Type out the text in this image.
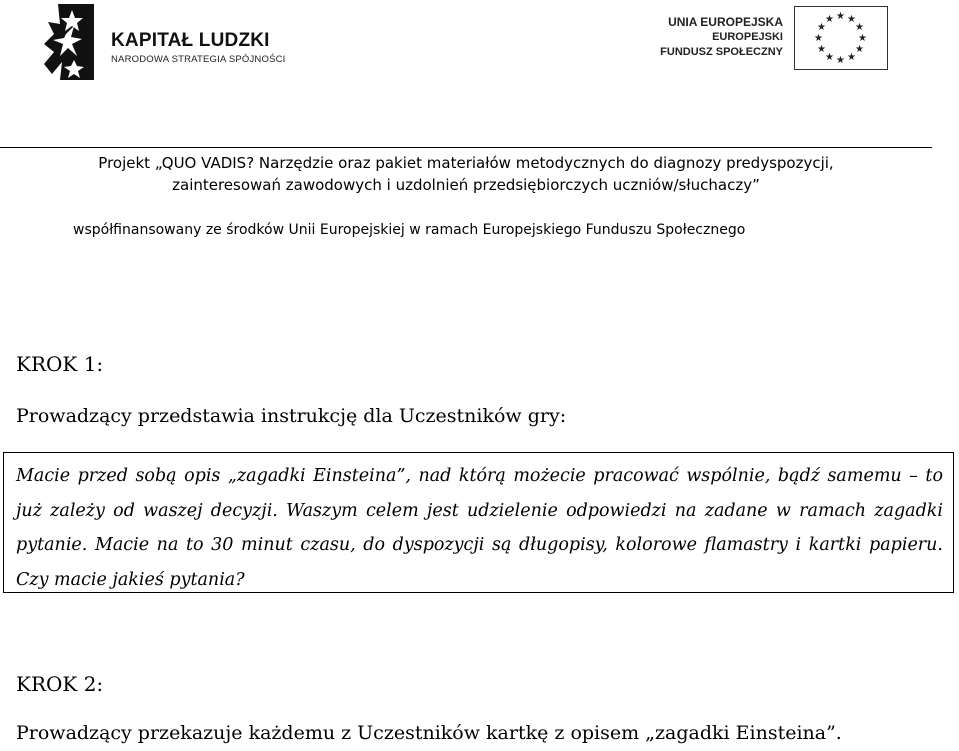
KAPITAŁ LUDZKI
NARODOWA STRATEGIA SPÓJNOŚCI
UNIA EUROPEJSKA
EUROPEJSKI
FUNDUSZ SPOŁECZNY
★ ★
★
★
★
★
★
★
★
★
★
★
Projekt „QUO VADIS? Narzędzie oraz pakiet materiałów metodycznych do diagnozy predyspozycji,
zainteresowań zawodowych i uzdolnień przedsiębiorczych uczniów/słuchaczy”
współfinansowany ze środków Unii Europejskiej w ramach Europejskiego Funduszu Społecznego
KROK 1:
Prowadzący przedstawia instrukcję dla Uczestników gry:
Macie przed sobą opis „zagadki Einsteina”, nad którą możecie pracować wspólnie, bądź samemu – to już zależy od waszej decyzji. Waszym celem jest udzielenie odpowiedzi na zadane w ramach zagadki pytanie. Macie na to 30 minut czasu, do dyspozycji są długopisy, kolorowe flamastry i kartki papieru. Czy macie jakieś pytania?
KROK 2:
Prowadzący przekazuje każdemu z Uczestników kartkę z opisem „zagadki Einsteina”.
